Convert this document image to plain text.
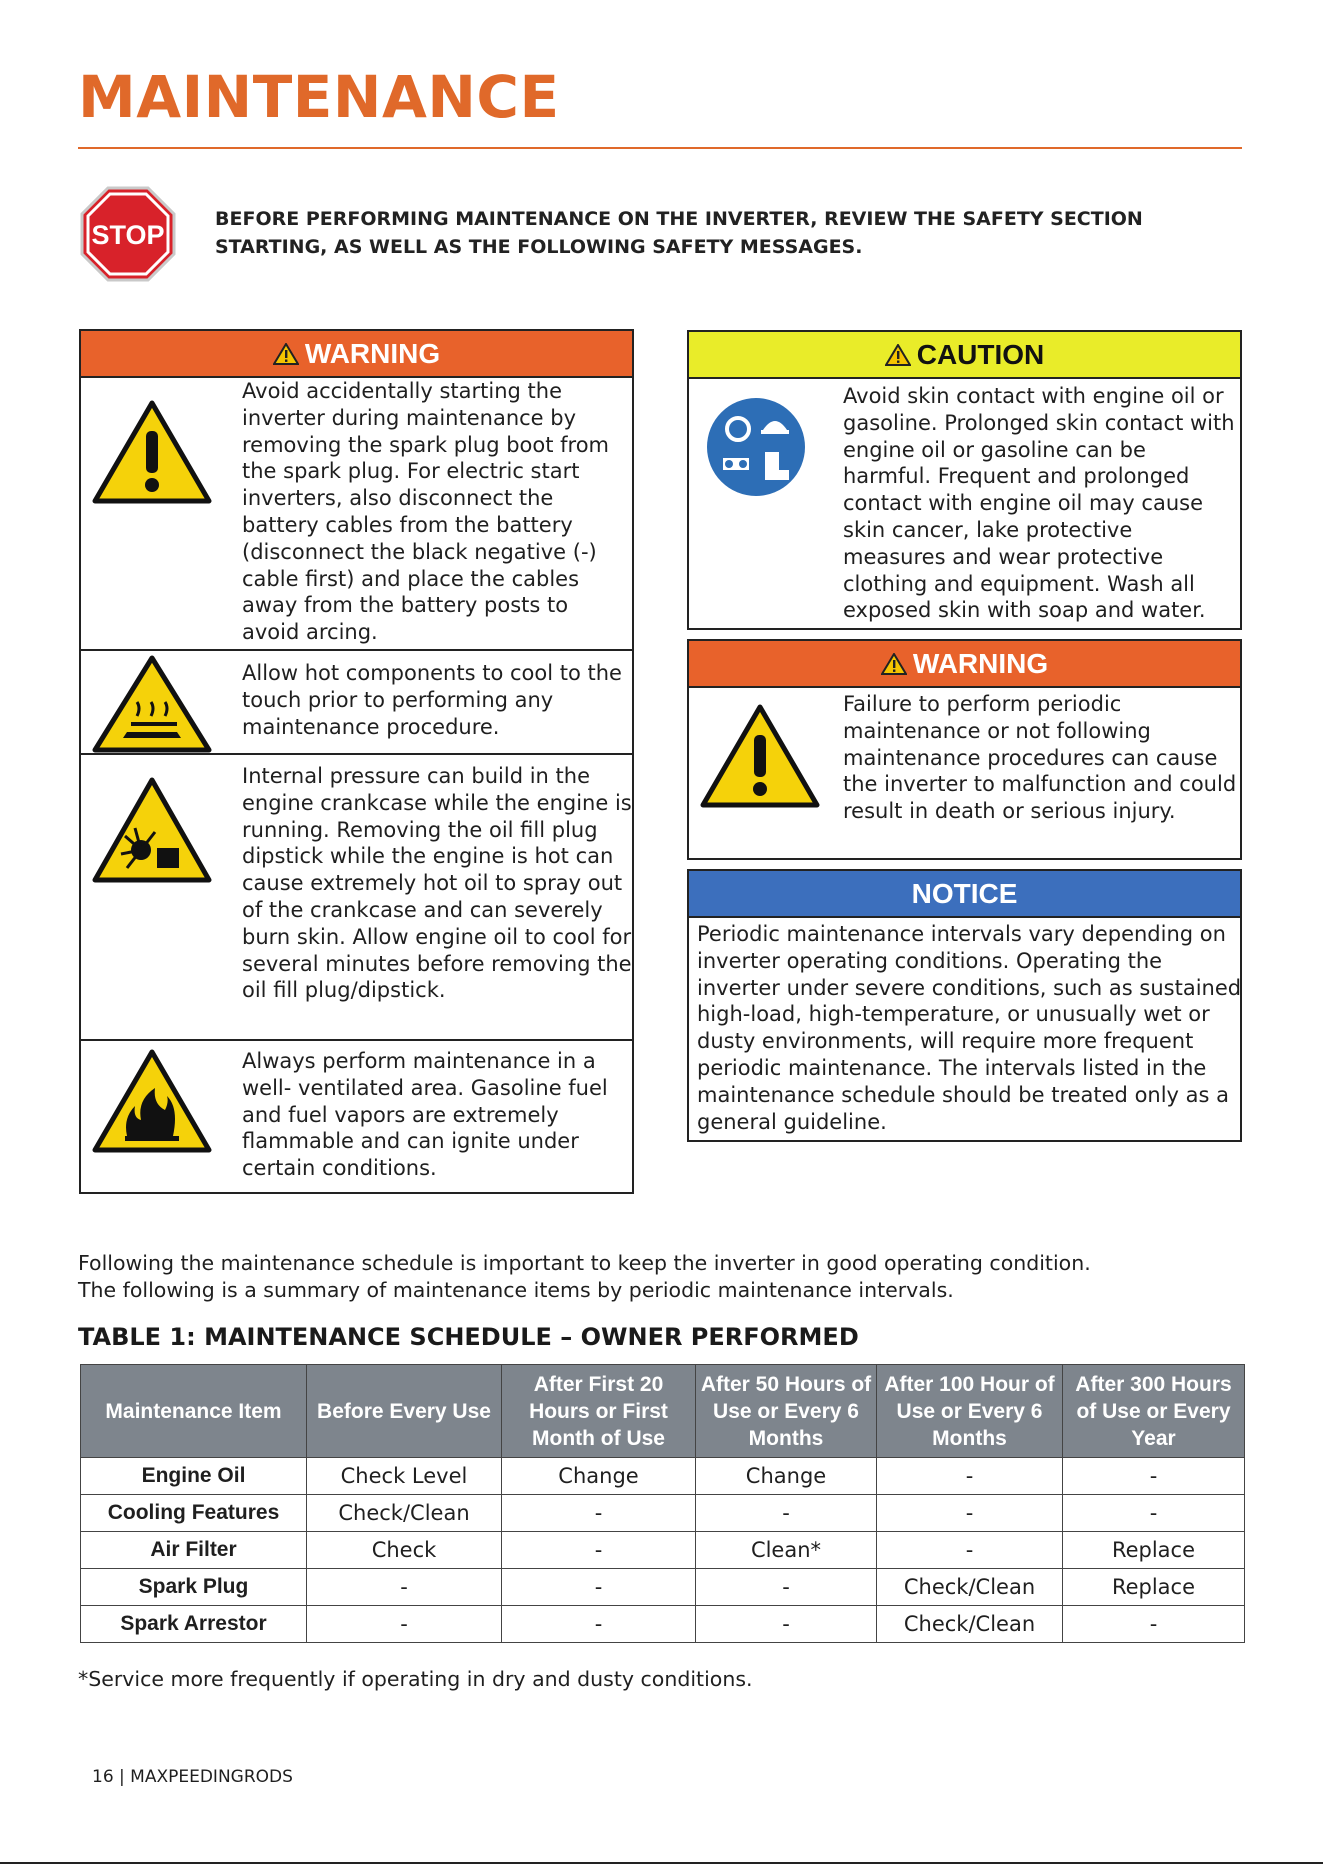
MAINTENANCE
STOP
BEFORE PERFORMING MAINTENANCE ON THE INVERTER, REVIEW THE SAFETY SECTION
STARTING, AS WELL AS THE FOLLOWING SAFETY MESSAGES.
WARNING
Avoid accidentally starting the inverter during maintenance by removing the spark plug boot from the spark plug. For electric start inverters, also disconnect the battery cables from the battery (disconnect the black negative (-) cable first) and place the cables away from the battery posts to avoid arcing.
Allow hot components to cool to the touch prior to performing any maintenance procedure.
Internal pressure can build in the engine crankcase while the engine is running. Removing the oil fill plug dipstick while the engine is hot can cause extremely hot oil to spray out of the crankcase and can severely burn skin. Allow engine oil to cool for several minutes before removing the oil fill plug/dipstick.
Always perform maintenance in a well- ventilated area. Gasoline fuel and fuel vapors are extremely flammable and can ignite under certain conditions.
CAUTION
Avoid skin contact with engine oil or gasoline. Prolonged skin contact with engine oil or gasoline can be harmful. Frequent and prolonged contact with engine oil may cause skin cancer, lake protective measures and wear protective clothing and equipment. Wash all exposed skin with soap and water.
WARNING
Failure to perform periodic maintenance or not following maintenance procedures can cause the inverter to malfunction and could result in death or serious injury.
NOTICE
Periodic maintenance intervals vary depending on inverter operating conditions. Operating the inverter under severe conditions, such as sustained high-load, high-temperature, or unusually wet or dusty environments, will require more frequent periodic maintenance. The intervals listed in the maintenance schedule should be treated only as a general guideline.
Following the maintenance schedule is important to keep the inverter in good operating condition.
The following is a summary of maintenance items by periodic maintenance intervals.
TABLE 1: MAINTENANCE SCHEDULE – OWNER PERFORMED
Maintenance Item	Before Every Use	After First 20 Hours or First Month of Use	After 50 Hours of Use or Every 6 Months	After 100 Hour of Use or Every 6 Months	After 300 Hours of Use or Every Year
Engine Oil	Check Level	Change	Change	-	-
Cooling Features	Check/Clean	-	-	-	-
Air Filter	Check	-	Clean*	-	Replace
Spark Plug	-	-	-	Check/Clean	Replace
Spark Arrestor	-	-	-	Check/Clean	-
*Service more frequently if operating in dry and dusty conditions.
16 | MAXPEEDINGRODS
